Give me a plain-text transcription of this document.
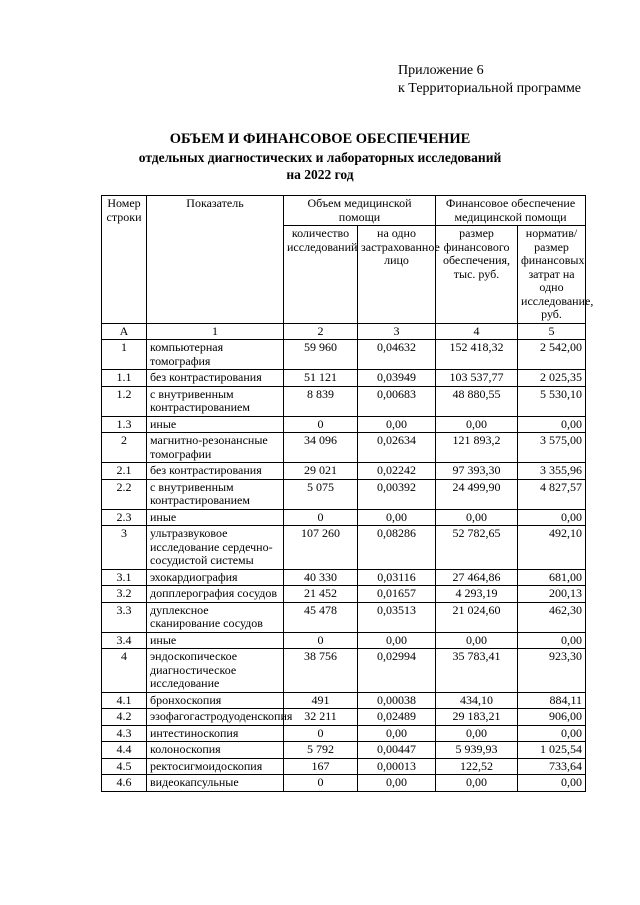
Приложение 6
к Территориальной программе
ОБЪЕМ И ФИНАНСОВОЕ ОБЕСПЕЧЕНИЕ
отдельных диагностических и лабораторных исследований
на 2022 год
Номер строки	Показатель	Объем медицинской помощи		Финансовое обеспечение медицинской помощи	
		количество исследований	на одно застрахованное лицо	размер финансового обеспечения, тыс. руб.	норматив/ размер финансовых затрат на одно исследование, руб.
А	1	2	3	4	5
1	компьютерная томография	59 960	0,04632	152 418,32	2 542,00
1.1	без контрастирования	51 121	0,03949	103 537,77	2 025,35
1.2	с внутривенным контрастированием	8 839	0,00683	48 880,55	5 530,10
1.3	иные	0	0,00	0,00	0,00
2	магнитно-резонансные томографии	34 096	0,02634	121 893,2	3 575,00
2.1	без контрастирования	29 021	0,02242	97 393,30	3 355,96
2.2	с внутривенным контрастированием	5 075	0,00392	24 499,90	4 827,57
2.3	иные	0	0,00	0,00	0,00
3	ультразвуковое исследование сердечно-сосудистой системы	107 260	0,08286	52 782,65	492,10
3.1	эхокардиография	40 330	0,03116	27 464,86	681,00
3.2	допплерография сосудов	21 452	0,01657	4 293,19	200,13
3.3	дуплексное сканирование сосудов	45 478	0,03513	21 024,60	462,30
3.4	иные	0	0,00	0,00	0,00
4	эндоскопическое диагностическое исследование	38 756	0,02994	35 783,41	923,30
4.1	бронхоскопия	491	0,00038	434,10	884,11
4.2	эзофагогастродуоденскопия	32 211	0,02489	29 183,21	906,00
4.3	интестиноскопия	0	0,00	0,00	0,00
4.4	колоноскопия	5 792	0,00447	5 939,93	1 025,54
4.5	ректосигмоидоскопия	167	0,00013	122,52	733,64
4.6	видеокапсульные	0	0,00	0,00	0,00
